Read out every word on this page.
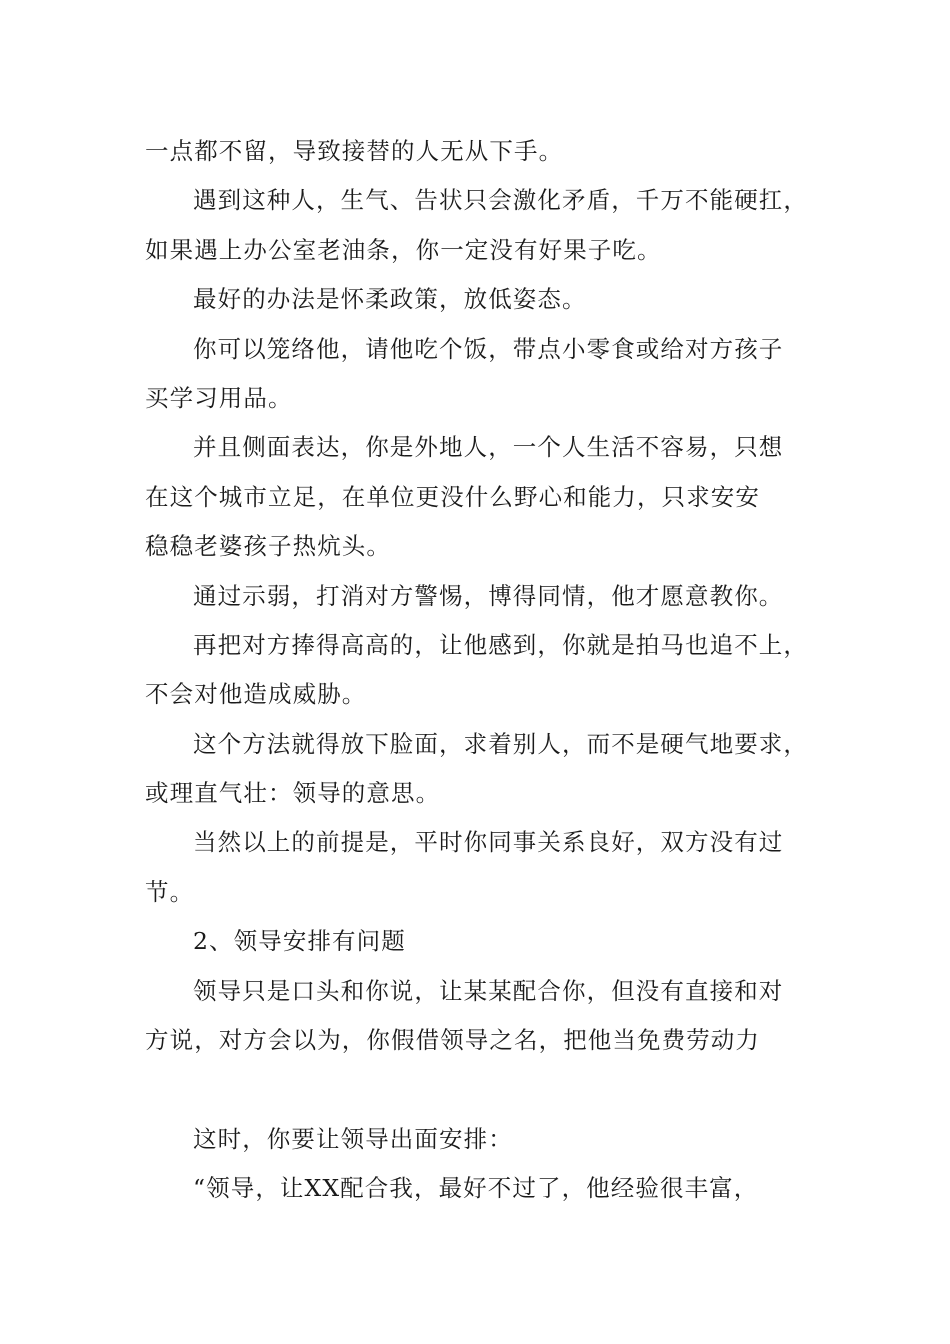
一点都不留，导致接替的人无从下手。
遇到这种人，生气、告状只会激化矛盾，千万不能硬扛，
如果遇上办公室老油条，你一定没有好果子吃。
最好的办法是怀柔政策，放低姿态。
你可以笼络他，请他吃个饭，带点小零食或给对方孩子
买学习用品。
并且侧面表达，你是外地人，一个人生活不容易，只想
在这个城市立足，在单位更没什么野心和能力，只求安安
稳稳老婆孩子热炕头。
通过示弱，打消对方警惕，博得同情，他才愿意教你。
再把对方捧得高高的，让他感到，你就是拍马也追不上，
不会对他造成威胁。
这个方法就得放下脸面，求着别人，而不是硬气地要求，
或理直气壮：领导的意思。
当然以上的前提是，平时你同事关系良好，双方没有过
节。
2、领导安排有问题
领导只是口头和你说，让某某配合你，但没有直接和对
方说，对方会以为，你假借领导之名，把他当免费劳动力
这时，你要让领导出面安排：
“领导，让XX配合我，最好不过了，他经验很丰富，
